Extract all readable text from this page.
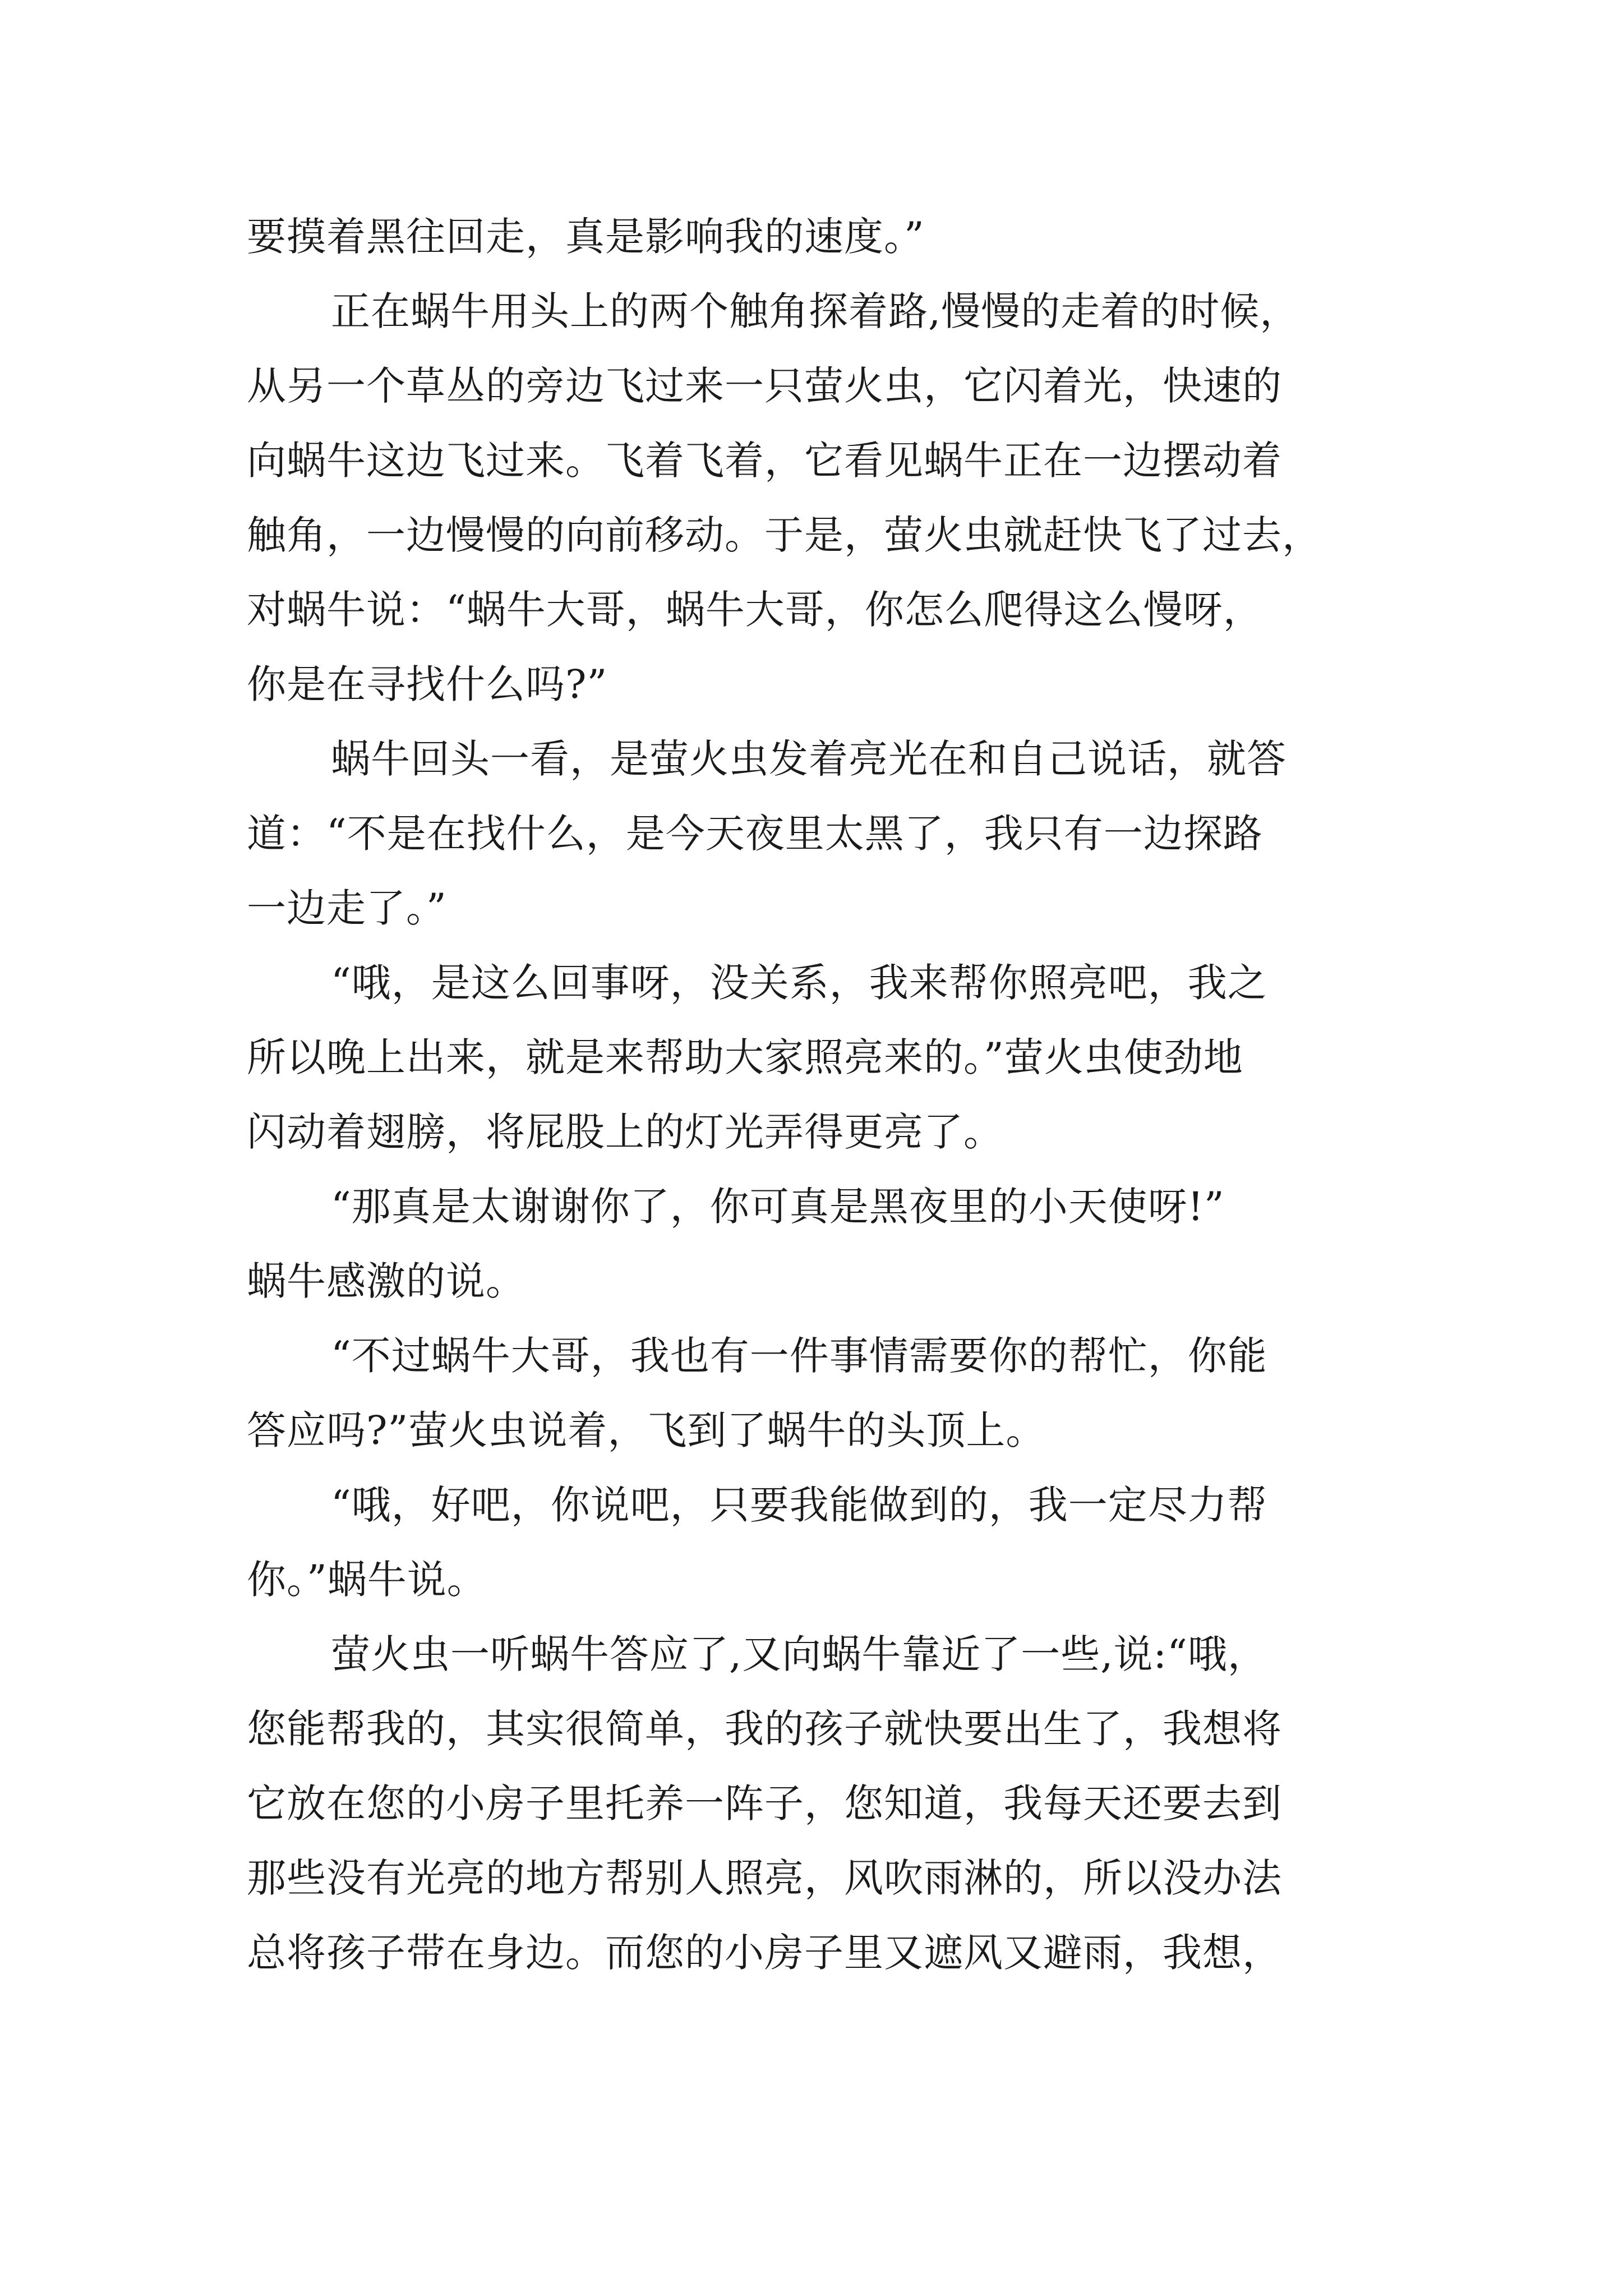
要摸着黑往回走，真是影响我的速度。”
正在蜗牛用头上的两个触角探着路,慢慢的走着的时候，
从另一个草丛的旁边飞过来一只萤火虫，它闪着光，快速的
向蜗牛这边飞过来。飞着飞着，它看见蜗牛正在一边摆动着
触角，一边慢慢的向前移动。于是，萤火虫就赶快飞了过去，
对蜗牛说：“蜗牛大哥，蜗牛大哥，你怎么爬得这么慢呀，
你是在寻找什么吗?”
蜗牛回头一看，是萤火虫发着亮光在和自己说话，就答
道：“不是在找什么，是今天夜里太黑了，我只有一边探路
一边走了。”
“哦，是这么回事呀，没关系，我来帮你照亮吧，我之
所以晚上出来，就是来帮助大家照亮来的。”萤火虫使劲地
闪动着翅膀，将屁股上的灯光弄得更亮了。
“那真是太谢谢你了，你可真是黑夜里的小天使呀!”
蜗牛感激的说。
“不过蜗牛大哥，我也有一件事情需要你的帮忙，你能
答应吗?”萤火虫说着，飞到了蜗牛的头顶上。
“哦，好吧，你说吧，只要我能做到的，我一定尽力帮
你。”蜗牛说。
萤火虫一听蜗牛答应了,又向蜗牛靠近了一些,说:“哦，
您能帮我的，其实很简单，我的孩子就快要出生了，我想将
它放在您的小房子里托养一阵子，您知道，我每天还要去到
那些没有光亮的地方帮别人照亮，风吹雨淋的，所以没办法
总将孩子带在身边。而您的小房子里又遮风又避雨，我想，
